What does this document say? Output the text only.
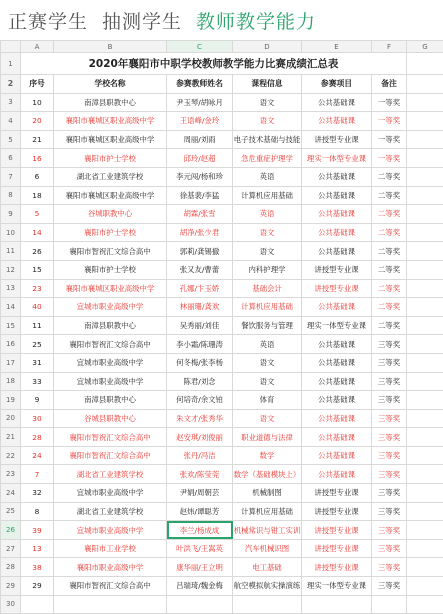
正赛学生 抽测学生 教师教学能力
	A	B	C	D	E	F	G
1	2020年襄阳市中职学校教师教学能力比赛成绩汇总表						
2	序号	学校名称	参赛教师姓名	课程信息	参赛项目	备注	
3	10	南漳县职教中心	尹玉琴/胡咏月	语文	公共基础课	一等奖	
4	20	襄阳市襄城区职业高级中学	王语峰/金玲	语文	公共基础课	一等奖	
5	21	襄阳市襄城区职业高级中学	周丽/刘雨	电子技术基础与技能	讲授型专业课	一等奖	
6	16	襄阳市护士学校	邱玲/赵超	急危重症护理学	理实一体型专业课	一等奖	
7	6	湖北省工业建筑学校	李元闯/杨和珍	英语	公共基础课	二等奖	
8	18	襄阳市襄城区职业高级中学	徐基裴/李猛	计算机应用基础	公共基础课	二等奖	
9	5	谷城职教中心	胡霖/张雪	英语	公共基础课	二等奖	
10	14	襄阳市护士学校	胡净/张少君	语文	公共基础课	二等奖	
11	26	襄阳市智祝汇文综合高中	郭莉/龚锡撤	语文	公共基础课	二等奖	
12	15	襄阳市护士学校	张又友/曹蕾	内科护理学	讲授型专业课	二等奖	
13	23	襄阳市襄城区职业高级中学	孔娜/卞玉娇	基础会计	讲授型专业课	二等奖	
14	40	宜城市职业高级中学	林丽珊/龚欢	计算机应用基础	公共基础课	二等奖	
15	11	南漳县职教中心	吴秀丽/刘佳	餐饮服务与管理	理实一体型专业课	二等奖	
16	25	襄阳市智祝汇文综合高中	李小霜/陈珊涛	英语	公共基础课	三等奖	
17	31	宜城市职业高级中学	何冬梅/张李杨	语文	公共基础课	三等奖	
18	33	宜城市职业高级中学	陈君/刘念	语文	公共基础课	三等奖	
19	9	南漳县职教中心	何培奇/余文铂	体育	公共基础课	三等奖	
20	30	谷城县职教中心	朱文才/张秀华	语文	公共基础课	三等奖	
21	28	襄阳市智祝汇文综合高中	赵安琪/刘俊丽	职业道德与法律	公共基础课	三等奖	
22	24	襄阳市智祝汇文综合高中	张丹/冯洁	数学	公共基础课	三等奖	
23	7	湖北省工业建筑学校	张欢/陈莹莞	数学（基础模块上）	公共基础课	三等奖	
24	32	宜城市职业高级中学	尹娟/周朝芸	机械制图	讲授型专业课	三等奖	
25	8	湖北省工业建筑学校	赵炜/谭聪芳	计算机应用基础	讲授型专业课	三等奖	
26	39	宜城市职业高级中学	李兰/杨成成	机械常识与钳工实训	讲授型专业课	三等奖	
27	13	襄阳市工业学校	叶洪飞/王嵩英	汽车机械识图	讲授型专业课	三等奖	
28	38	襄阳市职业高级中学	康华丽/王立明	电工基础	讲授型专业课	三等奖	
29	29	襄阳市智祝汇文综合高中	吕瑞琦/魏金梅	航空模拟航实操演练	理实一体型专业课	三等奖	
30							
